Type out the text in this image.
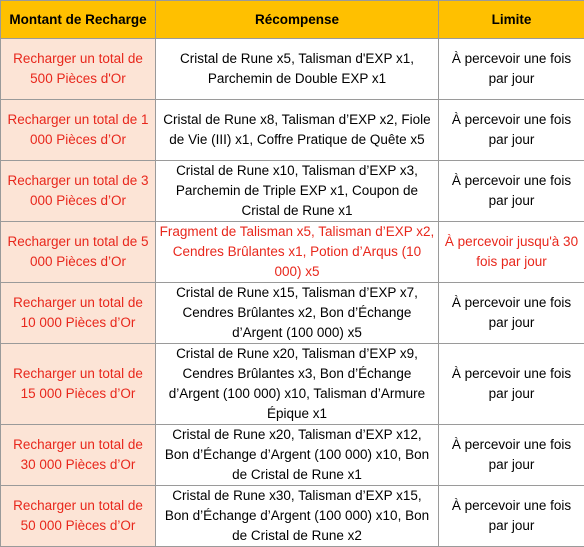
Montant de Recharge	Récompense	Limite
Recharger un total de 500 Pièces d'Or	Cristal de Rune x5, Talisman d'EXP x1, Parchemin de Double EXP x1	À percevoir une fois par jour
Recharger un total de 1 000 Pièces d’Or	Cristal de Rune x8, Talisman d’EXP x2, Fiole de Vie (III) x1, Coffre Pratique de Quête x5	À percevoir une fois par jour
Recharger un total de 3 000 Pièces d’Or	Cristal de Rune x10, Talisman d’EXP x3, Parchemin de Triple EXP x1, Coupon de Cristal de Rune x1	À percevoir une fois par jour
Recharger un total de 5 000 Pièces d’Or	Fragment de Talisman x5, Talisman d’EXP x2, Cendres Brûlantes x1, Potion d’Arqus (10 000) x5	À percevoir jusqu'à 30 fois par jour
Recharger un total de 10 000 Pièces d’Or	Cristal de Rune x15, Talisman d’EXP x7, Cendres Brûlantes x2, Bon d’Échange d’Argent (100 000) x5	À percevoir une fois par jour
Recharger un total de 15 000 Pièces d’Or	Cristal de Rune x20, Talisman d’EXP x9, Cendres Brûlantes x3, Bon d’Échange d’Argent (100 000) x10, Talisman d’Armure Épique x1	À percevoir une fois par jour
Recharger un total de 30 000 Pièces d’Or	Cristal de Rune x20, Talisman d’EXP x12, Bon d’Échange d’Argent (100 000) x10, Bon de Cristal de Rune x1	À percevoir une fois par jour
Recharger un total de 50 000 Pièces d’Or	Cristal de Rune x30, Talisman d’EXP x15, Bon d’Échange d’Argent (100 000) x10, Bon de Cristal de Rune x2	À percevoir une fois par jour
